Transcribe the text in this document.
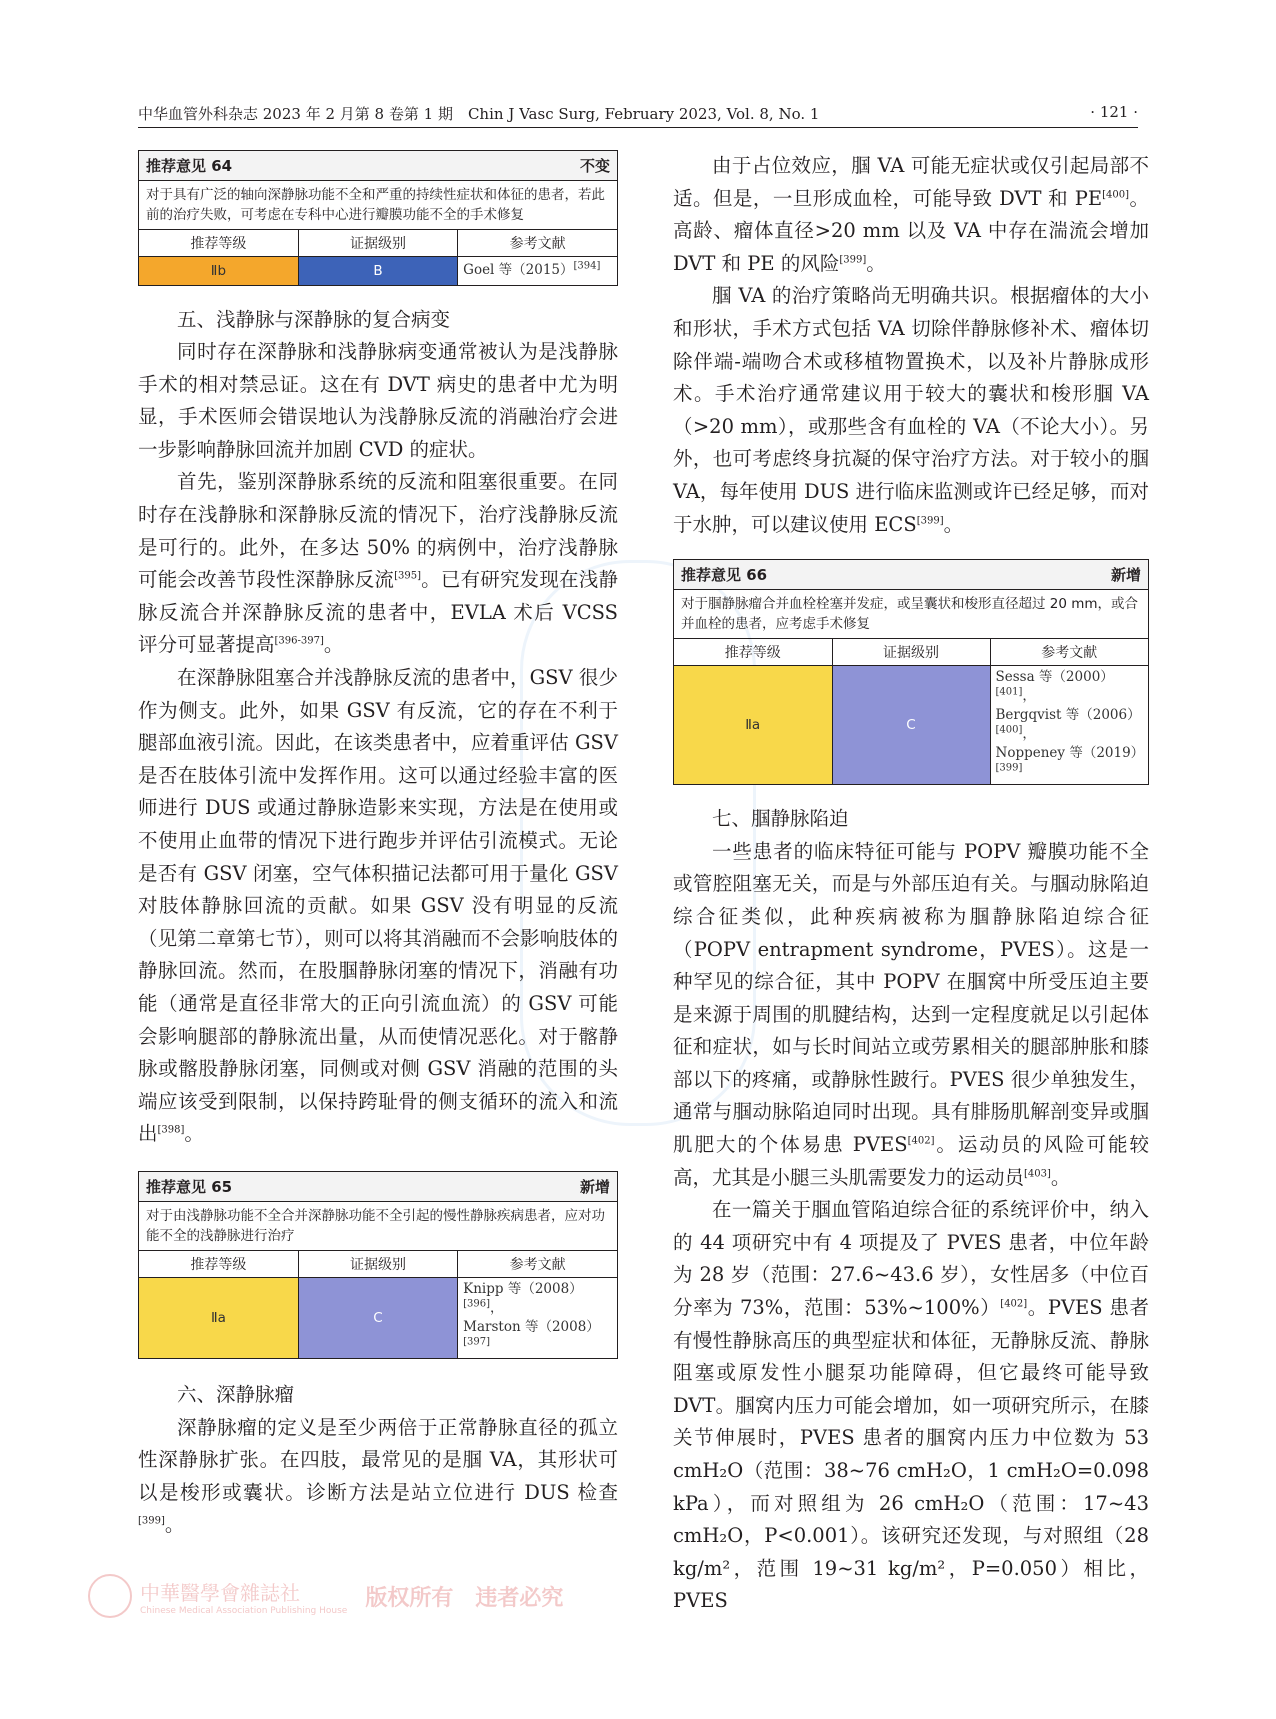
中华血管外科杂志 2023 年 2 月第 8 卷第 1 期　Chin J Vasc Surg, February 2023, Vol. 8, No. 1	· 121 ·
推荐意见 64	不变
对于具有广泛的轴向深静脉功能不全和严重的持续性症状和体征的患者，若此前的治疗失败，可考虑在专科中心进行瓣膜功能不全的手术修复
推荐等级	证据级别	参考文献
Ⅱb	B	Goel 等（2015）[394]

五、浅静脉与深静脉的复合病变

同时存在深静脉和浅静脉病变通常被认为是浅静脉手术的相对禁忌证。这在有 DVT 病史的患者中尤为明显，手术医师会错误地认为浅静脉反流的消融治疗会进一步影响静脉回流并加剧 CVD 的症状。

首先，鉴别深静脉系统的反流和阻塞很重要。在同时存在浅静脉和深静脉反流的情况下，治疗浅静脉反流是可行的。此外，在多达 50% 的病例中，治疗浅静脉可能会改善节段性深静脉反流[395]。已有研究发现在浅静脉反流合并深静脉反流的患者中，EVLA 术后 VCSS 评分可显著提高[396-397]。

在深静脉阻塞合并浅静脉反流的患者中，GSV 很少作为侧支。此外，如果 GSV 有反流，它的存在不利于腿部血液引流。因此，在该类患者中，应着重评估 GSV 是否在肢体引流中发挥作用。这可以通过经验丰富的医师进行 DUS 或通过静脉造影来实现，方法是在使用或不使用止血带的情况下进行跑步并评估引流模式。无论是否有 GSV 闭塞，空气体积描记法都可用于量化 GSV 对肢体静脉回流的贡献。如果 GSV 没有明显的反流（见第二章第七节），则可以将其消融而不会影响肢体的静脉回流。然而，在股腘静脉闭塞的情况下，消融有功能（通常是直径非常大的正向引流血流）的 GSV 可能会影响腿部的静脉流出量，从而使情况恶化。对于髂静脉或髂股静脉闭塞，同侧或对侧 GSV 消融的范围的头端应该受到限制，以保持跨耻骨的侧支循环的流入和流出[398]。

推荐意见 65	新增
对于由浅静脉功能不全合并深静脉功能不全引起的慢性静脉疾病患者，应对功能不全的浅静脉进行治疗
推荐等级	证据级别	参考文献
Ⅱa	C	Knipp 等（2008）[396]，
Marston 等（2008）[397]

六、深静脉瘤

深静脉瘤的定义是至少两倍于正常静脉直径的孤立性深静脉扩张。在四肢，最常见的是腘 VA，其形状可以是梭形或囊状。诊断方法是站立位进行 DUS 检查[399]。

由于占位效应，腘 VA 可能无症状或仅引起局部不适。但是，一旦形成血栓，可能导致 DVT 和 PE[400]。高龄、瘤体直径>20 mm 以及 VA 中存在湍流会增加 DVT 和 PE 的风险[399]。

腘 VA 的治疗策略尚无明确共识。根据瘤体的大小和形状，手术方式包括 VA 切除伴静脉修补术、瘤体切除伴端-端吻合术或移植物置换术，以及补片静脉成形术。手术治疗通常建议用于较大的囊状和梭形腘 VA（>20 mm），或那些含有血栓的 VA（不论大小）。另外，也可考虑终身抗凝的保守治疗方法。对于较小的腘 VA，每年使用 DUS 进行临床监测或许已经足够，而对于水肿，可以建议使用 ECS[399]。

推荐意见 66	新增
对于腘静脉瘤合并血栓栓塞并发症，或呈囊状和梭形直径超过 20 mm，或合并血栓的患者，应考虑手术修复
推荐等级	证据级别	参考文献
Ⅱa	C	Sessa 等（2000）[401]，
Bergqvist 等（2006）[400]，
Noppeney 等（2019）[399]

七、腘静脉陷迫

一些患者的临床特征可能与 POPV 瓣膜功能不全或管腔阻塞无关，而是与外部压迫有关。与腘动脉陷迫综合征类似，此种疾病被称为腘静脉陷迫综合征（POPV entrapment syndrome，PVES）。这是一种罕见的综合征，其中 POPV 在腘窝中所受压迫主要是来源于周围的肌腱结构，达到一定程度就足以引起体征和症状，如与长时间站立或劳累相关的腿部肿胀和膝部以下的疼痛，或静脉性跛行。PVES 很少单独发生，通常与腘动脉陷迫同时出现。具有腓肠肌解剖变异或腘肌肥大的个体易患 PVES[402]。运动员的风险可能较高，尤其是小腿三头肌需要发力的运动员[403]。

在一篇关于腘血管陷迫综合征的系统评价中，纳入的 44 项研究中有 4 项提及了 PVES 患者，中位年龄为 28 岁（范围：27.6~43.6 岁），女性居多（中位百分率为 73%，范围：53%~100%）[402]。PVES 患者有慢性静脉高压的典型症状和体征，无静脉反流、静脉阻塞或原发性小腿泵功能障碍，但它最终可能导致 DVT。腘窝内压力可能会增加，如一项研究所示，在膝关节伸展时，PVES 患者的腘窝内压力中位数为 53 cmH₂O（范围：38~76 cmH₂O，1 cmH₂O=0.098 kPa），而对照组为 26 cmH₂O（范围：17~43 cmH₂O，P<0.001）。该研究还发现，与对照组（28 kg/m²，范围 19~31 kg/m²，P=0.050）相比，PVES

中華醫學會雜誌社
Chinese Medical Association Publishing House 版权所有　违者必究
